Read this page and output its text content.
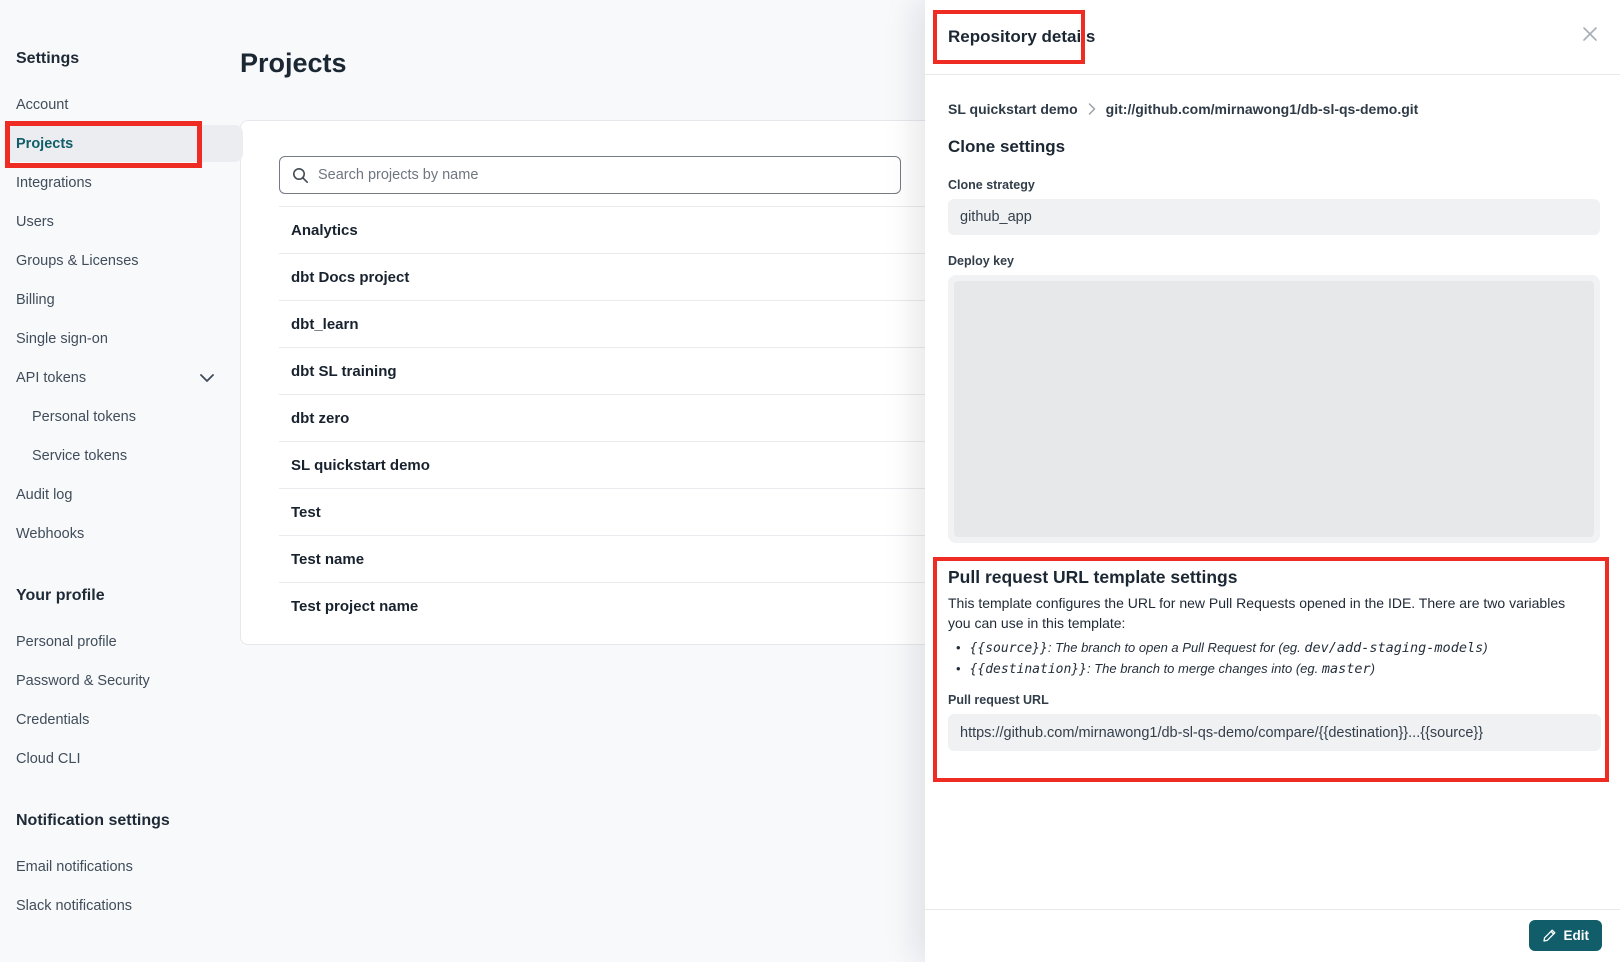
Settings
Account
Projects
Integrations
Users
Groups & Licenses
Billing
Single sign-on
API tokens
Personal tokens
Service tokens
Audit log
Webhooks
Your profile
Personal profile
Password & Security
Credentials
Cloud CLI
Notification settings
Email notifications
Slack notifications
Projects
Search projects by name
Analytics
dbt Docs project
dbt_learn
dbt SL training
dbt zero
SL quickstart demo
Test
Test name
Test project name
Repository details
SL quickstart demo git://github.com/mirnawong1/db-sl-qs-demo.git
Clone settings
Clone strategy
github_app
Deploy key
Pull request URL template settings
This template configures the URL for new Pull Requests opened in the IDE. There are two variables you can use in this template:
• {{source}}: The branch to open a Pull Request for (eg. dev/add-staging-models)
• {{destination}}: The branch to merge changes into (eg. master)
Pull request URL
https://github.com/mirnawong1/db-sl-qs-demo/compare/{{destination}}...{{source}}
Edit
